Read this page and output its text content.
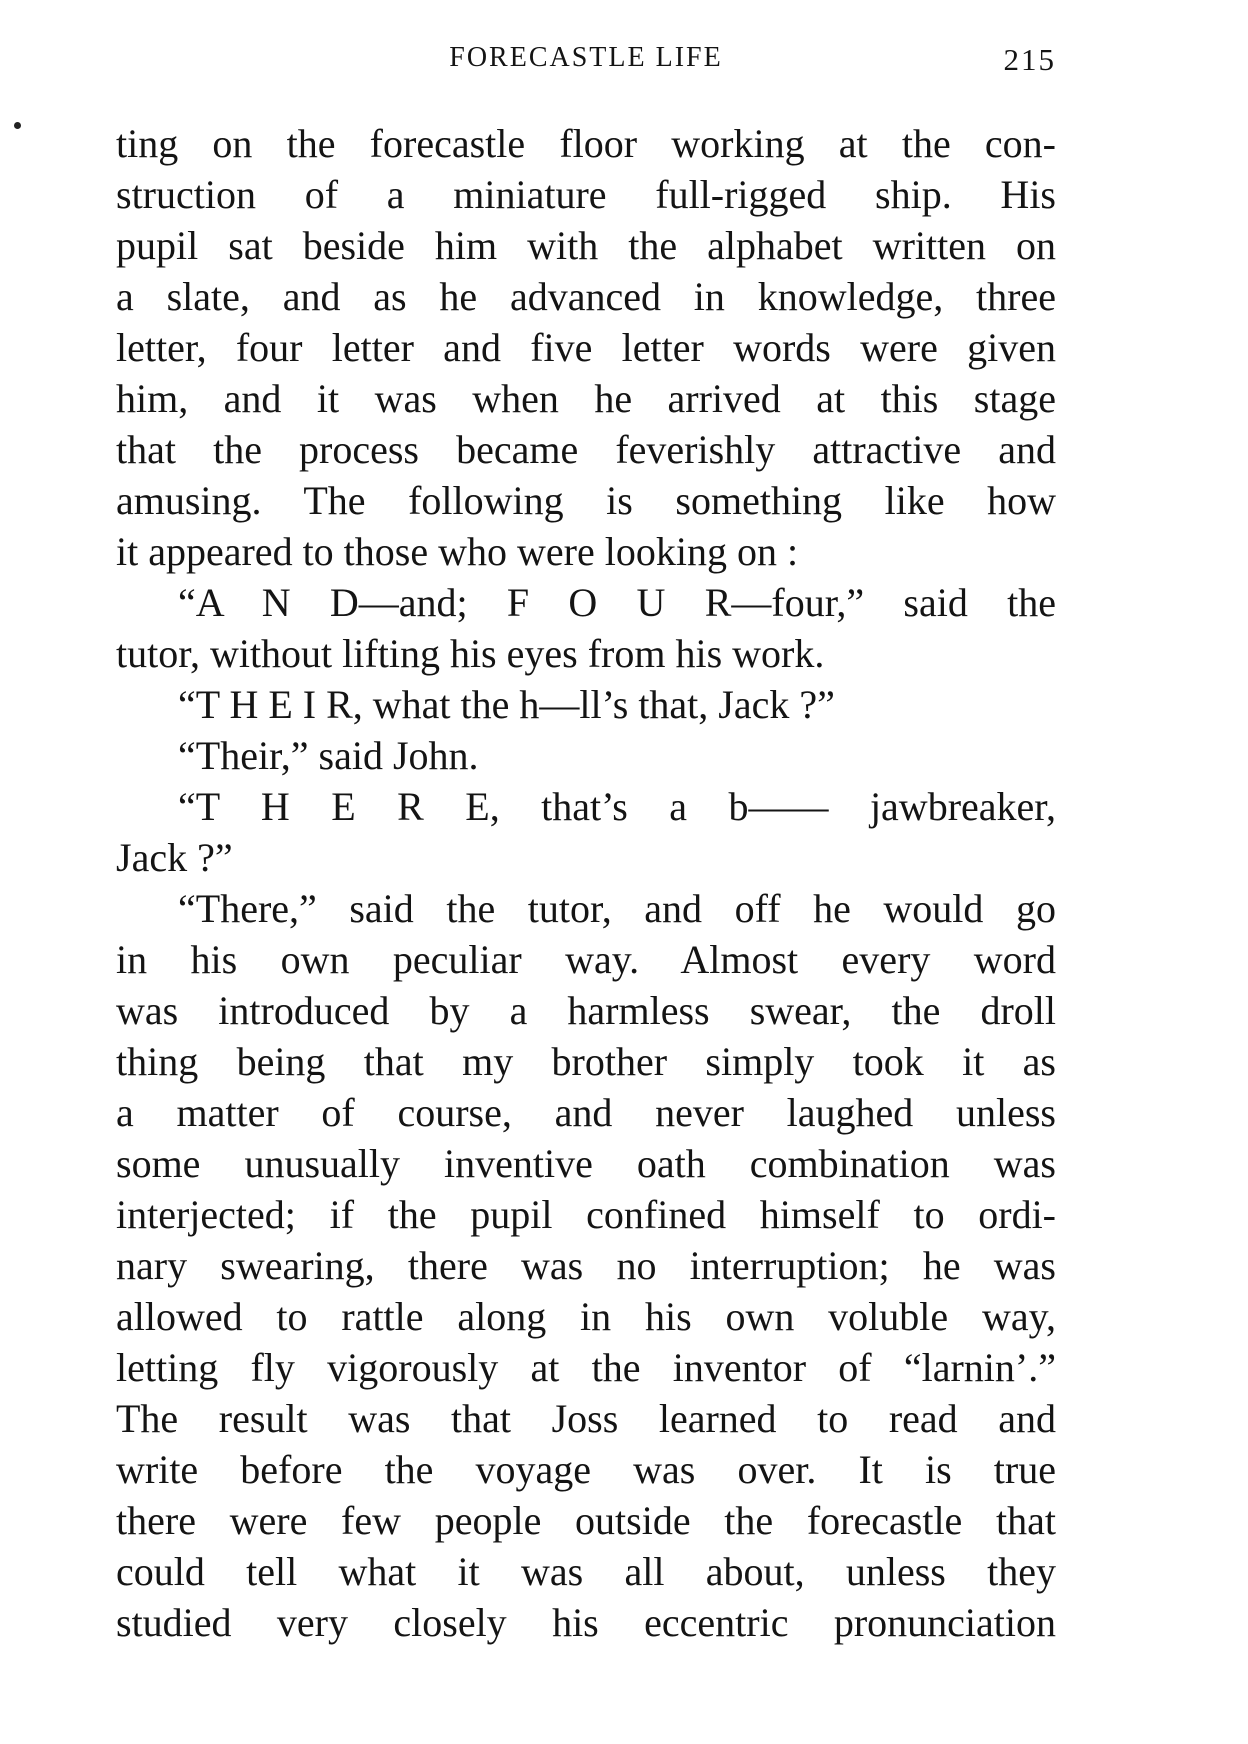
FORECASTLE LIFE	215
ting on the forecastle floor working at the con-
struction of a miniature full-rigged ship. His
pupil sat beside him with the alphabet written on
a slate, and as he advanced in knowledge, three
letter, four letter and five letter words were given
him, and it was when he arrived at this stage
that the process became feverishly attractive and
amusing. The following is something like how
it appeared to those who were looking on :
“A N D—and; F O U R—four,” said the
tutor, without lifting his eyes from his work.
“T H E I R, what the h—ll’s that, Jack ?”
“Their,” said John.
“T H E R E, that’s a b—— jawbreaker,
Jack ?”
“There,” said the tutor, and off he would go
in his own peculiar way. Almost every word
was introduced by a harmless swear, the droll
thing being that my brother simply took it as
a matter of course, and never laughed unless
some unusually inventive oath combination was
interjected; if the pupil confined himself to ordi-
nary swearing, there was no interruption; he was
allowed to rattle along in his own voluble way,
letting fly vigorously at the inventor of “larnin’.”
The result was that Joss learned to read and
write before the voyage was over. It is true
there were few people outside the forecastle that
could tell what it was all about, unless they
studied very closely his eccentric pronunciation
